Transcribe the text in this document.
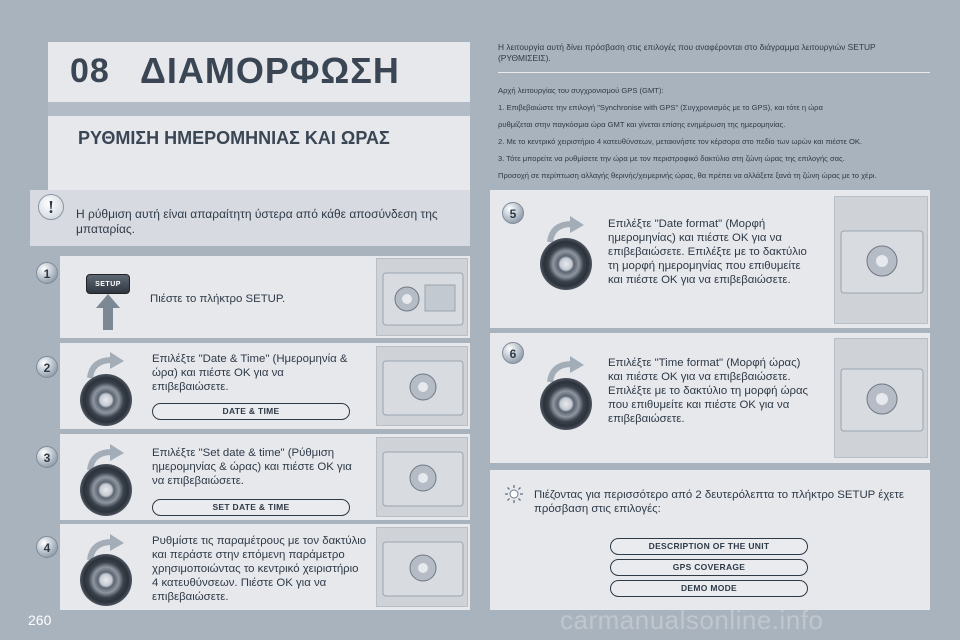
08 ΔΙΑΜΟΡΦΩΣΗ
ΡΥΘΜΙΣΗ ΗΜΕΡΟΜΗΝΙΑΣ ΚΑΙ ΩΡΑΣ
Η λειτουργία αυτή δίνει πρόσβαση στις επιλογές που αναφέρονται στο διάγραμμα λειτουργιών SETUP (ΡΥΘΜΙΣΕΙΣ).
Αρχή λειτουργίας του συγχρονισμού GPS (GMT):
1. Επιβεβαιώστε την επιλογή "Synchronise with GPS" (Συγχρονισμός με το GPS), και τότε η ώρα
ρυθμίζεται στην παγκόσμια ώρα GMT και γίνεται επίσης ενημέρωση της ημερομηνίας.
2. Με το κεντρικό χειριστήριο 4 κατευθύνσεων, μετακινήστε τον κέρσορα στο πεδίο των ωρών και πιέστε OK.
3. Τότε μπορείτε να ρυθμίσετε την ώρα με τον περιστροφικό δακτύλιο στη ζώνη ώρας της επιλογής σας.
Προσοχή σε περίπτωση αλλαγής θερινής/χειμερινής ώρας, θα πρέπει να αλλάξετε ξανά τη ζώνη ώρας με το χέρι.
!	Η ρύθμιση αυτή είναι απαραίτητη ύστερα από κάθε αποσύνδεση της μπαταρίας.
1
2
3
4
5
6
SETUP
Πιέστε το πλήκτρο SETUP.
Επιλέξτε "Date & Time" (Ημερομηνία & ώρα) και πιέστε OK για να επιβεβαιώσετε.
DATE & TIME
Επιλέξτε "Set date & time" (Ρύθμιση ημερομηνίας & ώρας) και πιέστε OK για να επιβεβαιώσετε.
SET DATE & TIME
Ρυθμίστε τις παραμέτρους με τον δακτύλιο και περάστε στην επόμενη παράμετρο χρησιμοποιώντας το κεντρικό χειριστήριο 4 κατευθύνσεων. Πιέστε OK για να επιβεβαιώσετε.
Επιλέξτε "Date format" (Μορφή ημερομηνίας) και πιέστε OK για να επιβεβαιώσετε. Επιλέξτε με το δακτύλιο τη μορφή ημερομηνίας που επιθυμείτε και πιέστε OK για να επιβεβαιώσετε.
Επιλέξτε "Time format" (Μορφή ώρας) και πιέστε OK για να επιβεβαιώσετε. Επιλέξτε με το δακτύλιο τη μορφή ώρας που επιθυμείτε και πιέστε OK για να επιβεβαιώσετε.
Πιέζοντας για περισσότερο από 2 δευτερόλεπτα το πλήκτρο SETUP έχετε πρόσβαση στις επιλογές:
DESCRIPTION OF THE UNIT
GPS COVERAGE
DEMO MODE
260	carmanualsonline.info
